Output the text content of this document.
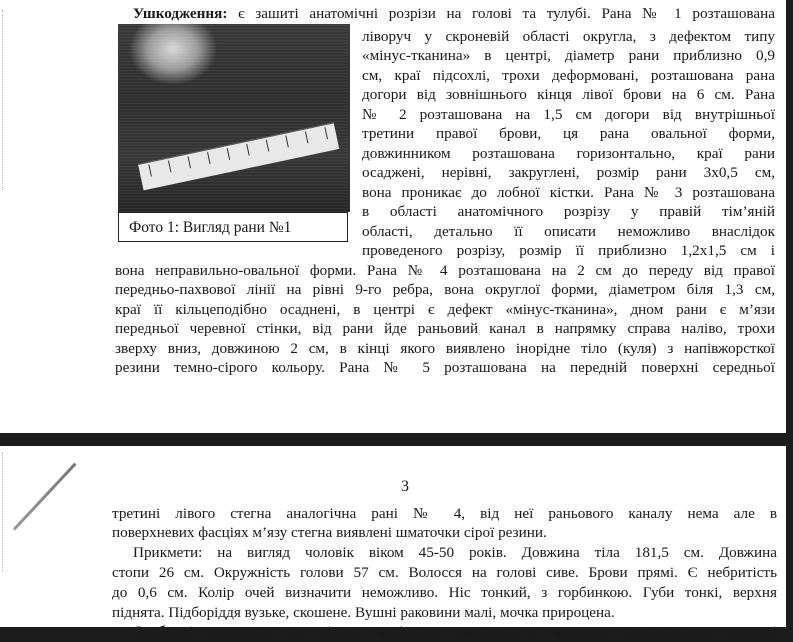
Ушкодження: є зашиті анатомічні розрізи на голові та тулубі. Рана № 1 розташована
Фото 1: Вигляд рани №1
ліворуч у скроневій області округла, з дефектом типу
«мінус-тканина» в центрі, діаметр рани приблизно 0,9
см, краї підсохлі, трохи деформовані, розташована рана
догори від зовнішнього кінця лівої брови на 6 см. Рана
№ 2 розташована на 1,5 см догори від внутрішньої
третини правої брови, ця рана овальної форми,
довжинником розташована горизонтально, краї рани
осаджені, нерівні, закруглені, розмір рани 3х0,5 см,
вона проникає до лобної кістки. Рана № 3 розташована
в області анатомічного розрізу у правій тім’яній
області, детально її описати неможливо внаслідок
проведеного розрізу, розмір її приблизно 1,2х1,5 см і
вона неправильно-овальної форми. Рана № 4 розташована на 2 см до переду від правої
передньо-пахвової лінії на рівні 9-го ребра, вона округлої форми, діаметром біля 1,3 см,
краї її кільцеподібно осаднені, в центрі є дефект «мінус-тканина», дном рани є м’язи
передньої черевної стінки, від рани йде раньовий канал в напрямку справа наліво, трохи
зверху вниз, довжиною 2 см, в кінці якого виявлено інорідне тіло (куля) з напівжорсткої
резини темно-сірого кольору. Рана № 5 розташована на передній поверхні середньої
3
третині лівого стегна аналогічна рані № 4, від неї раньового каналу нема але в
поверхневих фасціях м’язу стегна виявлені шматочки сірої резини.
Прикмети: на вигляд чоловік віком 45-50 років. Довжина тіла 181,5 см. Довжина
стопи 26 см. Окружність голови 57 см. Волосся на голові сиве. Брови прямі. Є небритість
до 0,6 см. Колір очей визначити неможливо. Ніс тонкий, з горбинкою. Губи тонкі, верхня
піднята. Підборіддя вузьке, скошене. Вушні раковини малі, мочка прироцена.
Особливі прикмети: на лівому зап’ястку годинник у чорному пластиковому корпусі
